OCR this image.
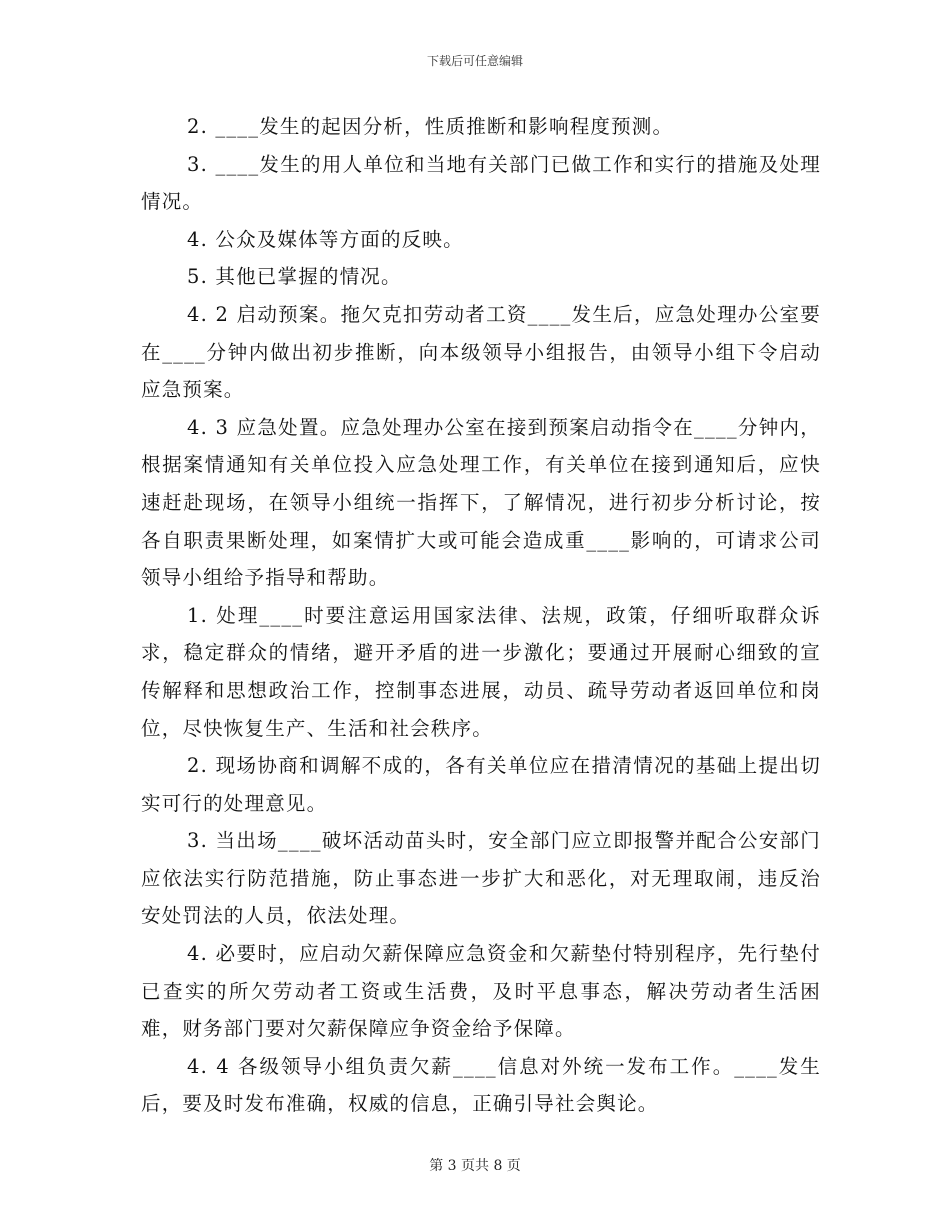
下载后可任意编辑

2. ____发生的起因分析，性质推断和影响程度预测。

3. ____发生的用人单位和当地有关部门已做工作和实行的措施及处理情况。

4. 公众及媒体等方面的反映。

5. 其他已掌握的情况。

4. 2 启动预案。拖欠克扣劳动者工资____发生后，应急处理办公室要在____分钟内做出初步推断，向本级领导小组报告，由领导小组下令启动应急预案。

4. 3 应急处置。应急处理办公室在接到预案启动指令在____分钟内，根据案情通知有关单位投入应急处理工作，有关单位在接到通知后，应快速赶赴现场，在领导小组统一指挥下，了解情况，进行初步分析讨论，按各自职责果断处理，如案情扩大或可能会造成重____影响的，可请求公司领导小组给予指导和帮助。

1. 处理____时要注意运用国家法律、法规，政策，仔细听取群众诉求，稳定群众的情绪，避开矛盾的进一步激化；要通过开展耐心细致的宣传解释和思想政治工作，控制事态进展，动员、疏导劳动者返回单位和岗位，尽快恢复生产、生活和社会秩序。

2. 现场协商和调解不成的，各有关单位应在措清情况的基础上提出切实可行的处理意见。

3. 当出场____破坏活动苗头时，安全部门应立即报警并配合公安部门应依法实行防范措施，防止事态进一步扩大和恶化，对无理取闹，违反治安处罚法的人员，依法处理。

4. 必要时，应启动欠薪保障应急资金和欠薪垫付特别程序，先行垫付已查实的所欠劳动者工资或生活费，及时平息事态，解决劳动者生活困难，财务部门要对欠薪保障应争资金给予保障。

4. 4 各级领导小组负责欠薪____信息对外统一发布工作。____发生后，要及时发布准确，权威的信息，正确引导社会舆论。

第 3 页共 8 页
